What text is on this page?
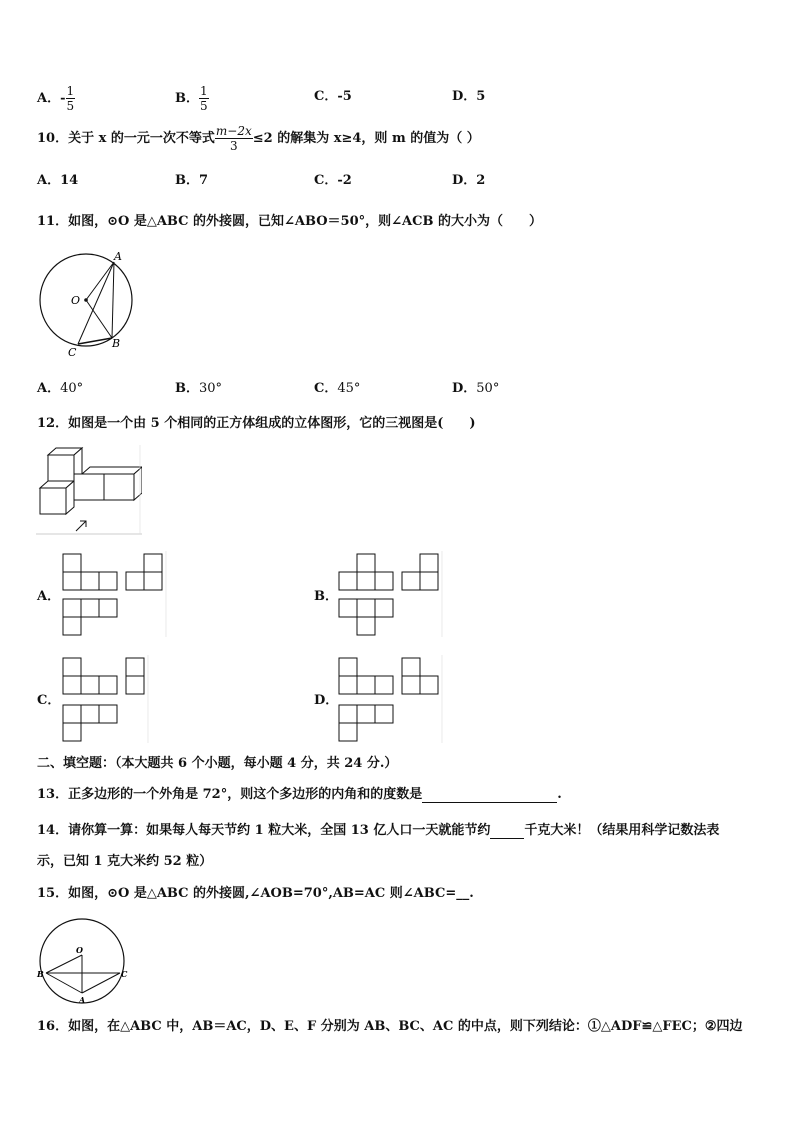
A．- $\frac{1}{5}$	B． $\frac{1}{5}$	C．-5	D．5
10．关于 x 的一元一次不等式 $\frac{m-2x}{3} \le 2$ 的解集为 x≥4，则 m 的值为（ ）
A．14	B．7	C．-2	D．2
11．如图，⊙O 是△ABC 的外接圆，已知∠ABO＝50°，则∠ACB 的大小为（　　）
A
O
C
B
A．40°	B．30°	C．45°	D．50°
12．如图是一个由 5 个相同的正方体组成的立体图形，它的三视图是(　　)
A．	B．
C．	D．
二、填空题：（本大题共 6 个小题，每小题 4 分，共 24 分.）
13．正多边形的一个外角是 72°，则这个多边形的内角和的度数是	.
14．请你算一算：如果每人每天节约 1 粒大米，全国 13 亿人口一天就能节约	千克大米！（结果用科学记数法表
示，已知 1 克大米约 52 粒）
15．如图，⊙O 是△ABC 的外接圆,∠AOB=70°,AB=AC 则∠ABC=__.
O
B	C
A
16．如图，在△ABC 中，AB＝AC，D、E、F 分别为 AB、BC、AC 的中点，则下列结论：①△ADF≌△FEC；②四边
